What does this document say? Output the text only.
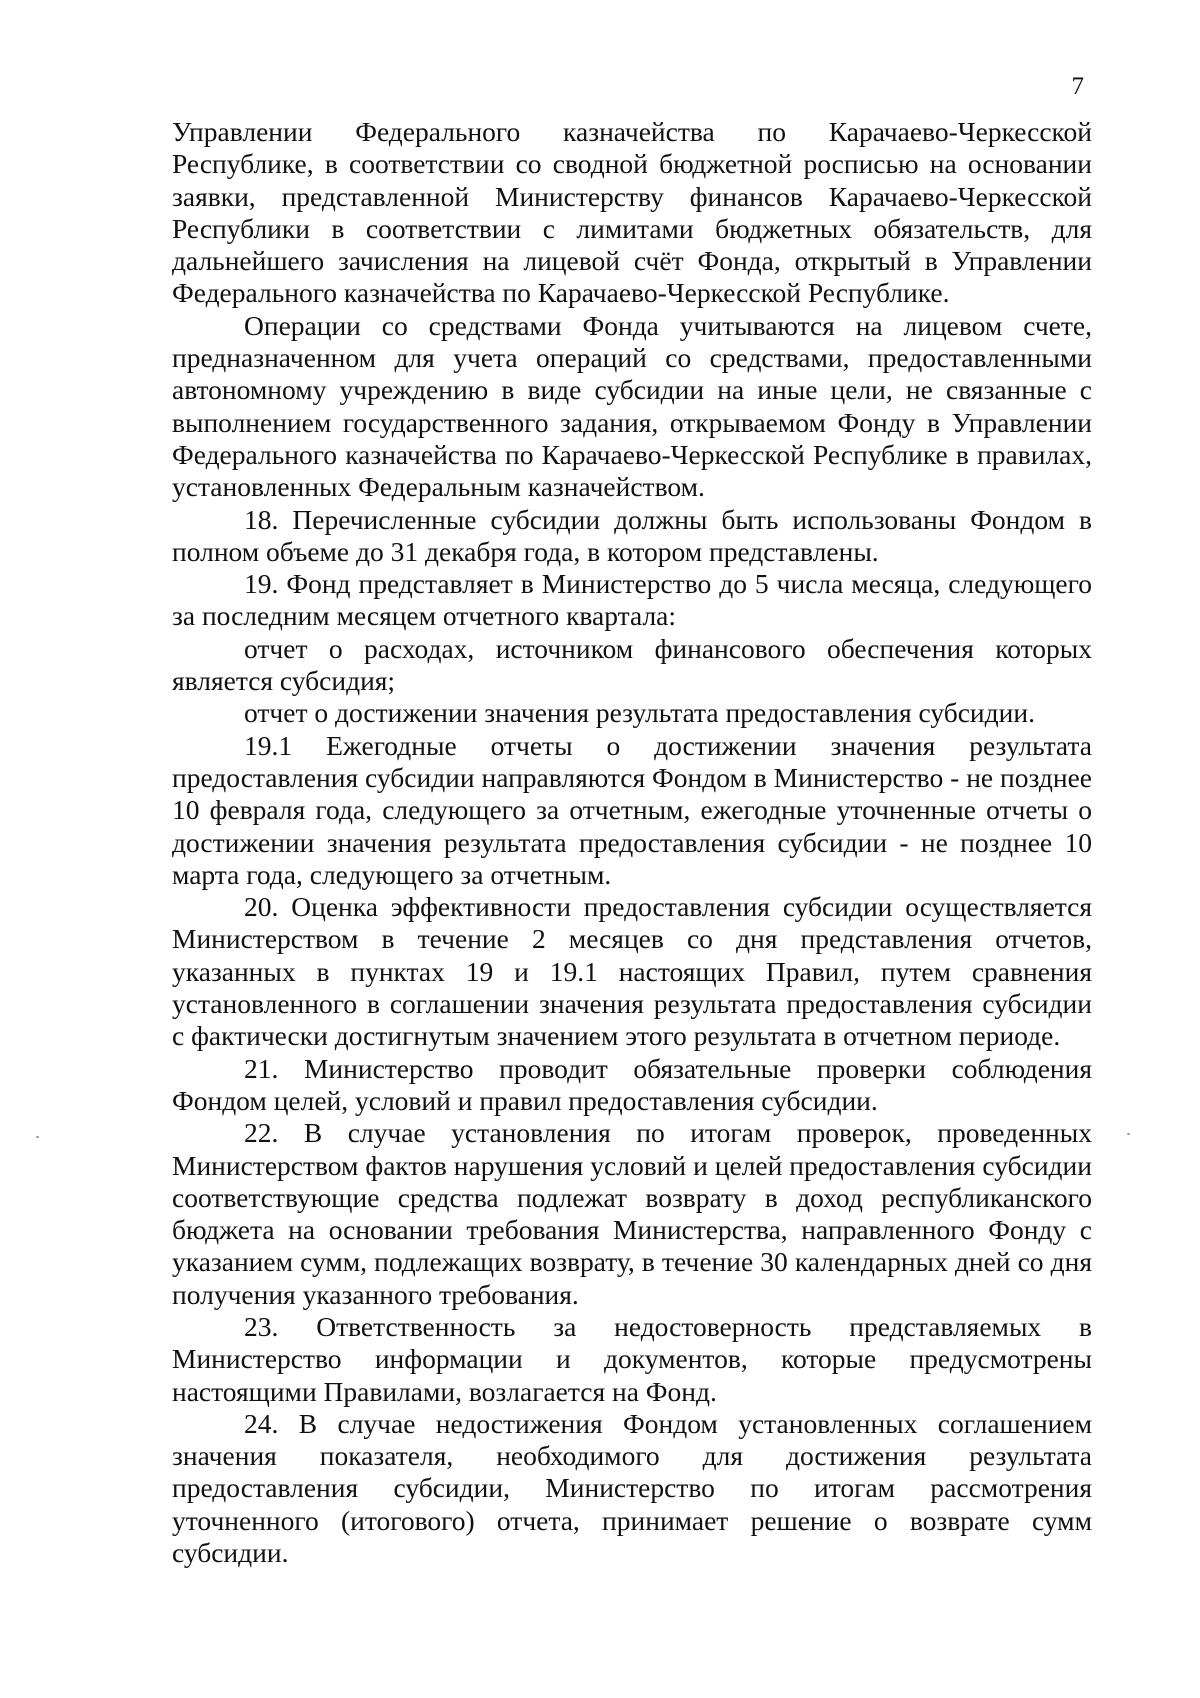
7

Управлении Федерального казначейства по Карачаево-Черкесской Республике, в соответствии со сводной бюджетной росписью на основании заявки, представленной Министерству финансов Карачаево-Черкесской Республики в соответствии с лимитами бюджетных обязательств, для дальнейшего зачисления на лицевой счёт Фонда, открытый в Управлении Федерального казначейства по Карачаево-Черкесской Республике.

Операции со средствами Фонда учитываются на лицевом счете, предназначенном для учета операций со средствами, предоставленными автономному учреждению в виде субсидии на иные цели, не связанные с выполнением государственного задания, открываемом Фонду в Управлении Федерального казначейства по Карачаево-Черкесской Республике в правилах, установленных Федеральным казначейством.

18. Перечисленные субсидии должны быть использованы Фондом в полном объеме до 31 декабря года, в котором представлены.

19. Фонд представляет в Министерство до 5 числа месяца, следующего за последним месяцем отчетного квартала:

отчет о расходах, источником финансового обеспечения которых является субсидия;

отчет о достижении значения результата предоставления субсидии.

19.1 Ежегодные отчеты о достижении значения результата предоставления субсидии направляются Фондом в Министерство - не позднее 10 февраля года, следующего за отчетным, ежегодные уточненные отчеты о достижении значения результата предоставления субсидии - не позднее 10 марта года, следующего за отчетным.

20. Оценка эффективности предоставления субсидии осуществляется Министерством в течение 2 месяцев со дня представления отчетов, указанных в пунктах 19 и 19.1 настоящих Правил, путем сравнения установленного в соглашении значения результата предоставления субсидии с фактически достигнутым значением этого результата в отчетном периоде.

21. Министерство проводит обязательные проверки соблюдения Фондом целей, условий и правил предоставления субсидии.

22. В случае установления по итогам проверок, проведенных Министерством фактов нарушения условий и целей предоставления субсидии соответствующие средства подлежат возврату в доход республиканского бюджета на основании требования Министерства, направленного Фонду с указанием сумм, подлежащих возврату, в течение 30 календарных дней со дня получения указанного требования.

23. Ответственность за недостоверность представляемых в Министерство информации и документов, которые предусмотрены настоящими Правилами, возлагается на Фонд.

24. В случае недостижения Фондом установленных соглашением значения показателя, необходимого для достижения результата предоставления субсидии, Министерство по итогам рассмотрения уточненного (итогового) отчета, принимает решение о возврате сумм субсидии.
